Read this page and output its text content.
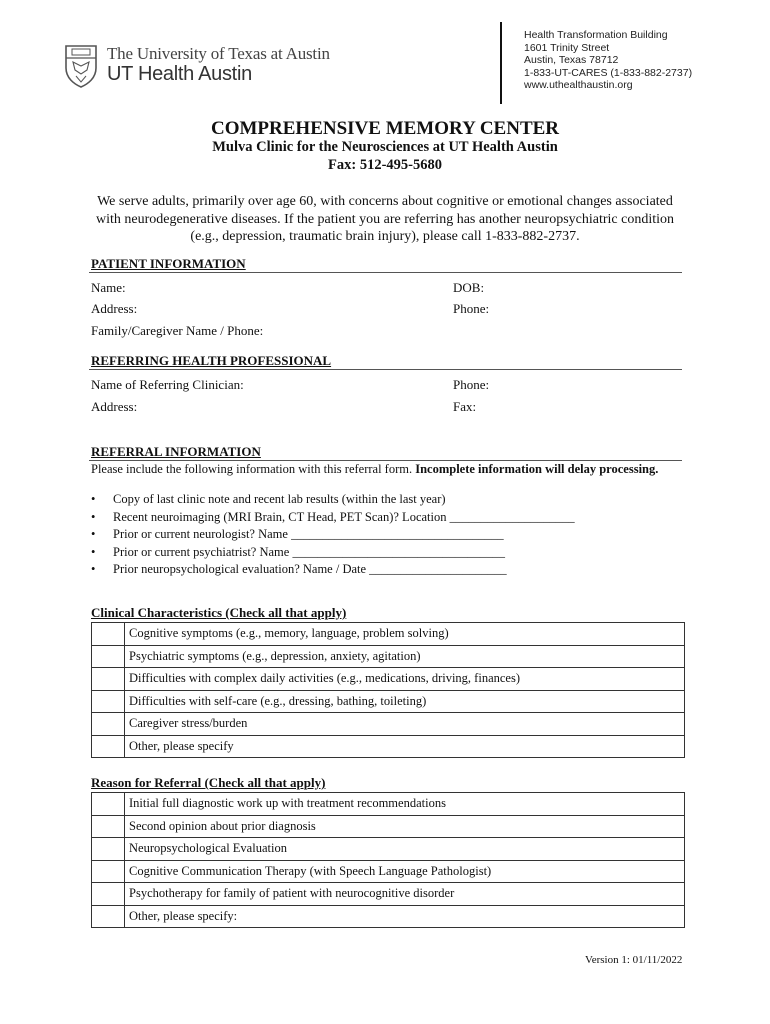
The University of Texas at Austin
UT Health Austin
Health Transformation Building
1601 Trinity Street
Austin, Texas 78712
1-833-UT-CARES (1-833-882-2737)
www.uthealthaustin.org
COMPREHENSIVE MEMORY CENTER
Mulva Clinic for the Neurosciences at UT Health Austin
Fax: 512-495-5680
We serve adults, primarily over age 60, with concerns about cognitive or emotional changes associated with neurodegenerative diseases. If the patient you are referring has another neuropsychiatric condition (e.g., depression, traumatic brain injury), please call 1-833-882-2737.
PATIENT INFORMATION
Name:	DOB:
Address:	Phone:
Family/Caregiver Name / Phone:
REFERRING HEALTH PROFESSIONAL
Name of Referring Clinician:	Phone:
Address:	Fax:
REFERRAL INFORMATION
Please include the following information with this referral form. Incomplete information will delay processing.
• Copy of last clinic note and recent lab results (within the last year)
• Recent neuroimaging (MRI Brain, CT Head, PET Scan)? Location ____________________
• Prior or current neurologist? Name __________________________________
• Prior or current psychiatrist? Name __________________________________
• Prior neuropsychological evaluation? Name / Date ______________________
Clinical Characteristics (Check all that apply)
	Cognitive symptoms (e.g., memory, language, problem solving)
	Psychiatric symptoms (e.g., depression, anxiety, agitation)
	Difficulties with complex daily activities (e.g., medications, driving, finances)
	Difficulties with self-care (e.g., dressing, bathing, toileting)
	Caregiver stress/burden
	Other, please specify
Reason for Referral (Check all that apply)
	Initial full diagnostic work up with treatment recommendations
	Second opinion about prior diagnosis
	Neuropsychological Evaluation
	Cognitive Communication Therapy (with Speech Language Pathologist)
	Psychotherapy for family of patient with neurocognitive disorder
	Other, please specify:
Version 1: 01/11/2022
